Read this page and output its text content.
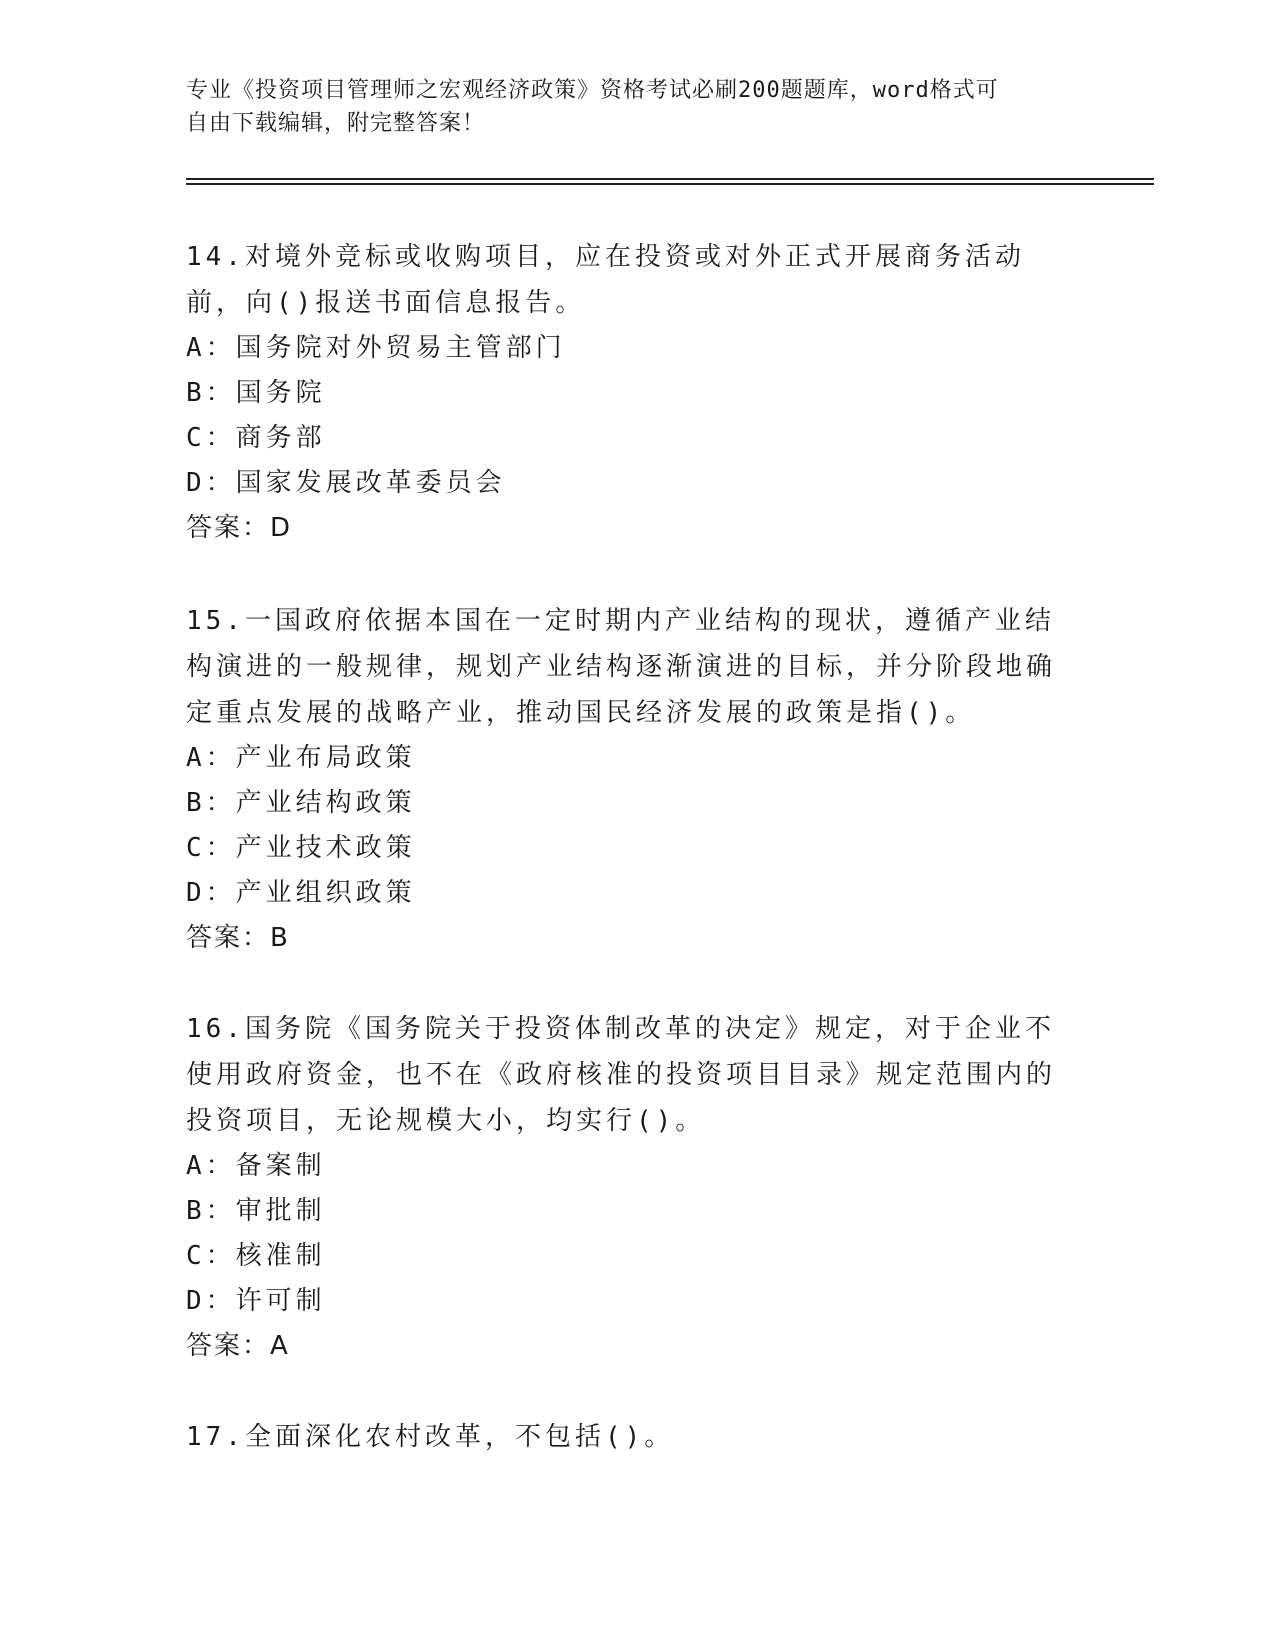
专业《投资项目管理师之宏观经济政策》资格考试必刷200题题库，word格式可
自由下载编辑，附完整答案！
14.对境外竞标或收购项目，应在投资或对外正式开展商务活动前，向()报送书面信息报告。
A：国务院对外贸易主管部门
B：国务院
C：商务部
D：国家发展改革委员会
答案：D
15.一国政府依据本国在一定时期内产业结构的现状，遵循产业结构演进的一般规律，规划产业结构逐渐演进的目标，并分阶段地确定重点发展的战略产业，推动国民经济发展的政策是指()。
A：产业布局政策
B：产业结构政策
C：产业技术政策
D：产业组织政策
答案：B
16.国务院《国务院关于投资体制改革的决定》规定，对于企业不使用政府资金，也不在《政府核准的投资项目目录》规定范围内的投资项目，无论规模大小，均实行()。
A：备案制
B：审批制
C：核准制
D：许可制
答案：A
17.全面深化农村改革，不包括()。
